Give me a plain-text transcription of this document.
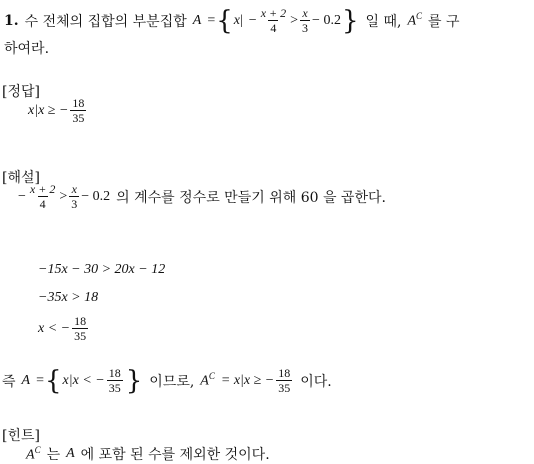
1. 수 전체의 집합의 부분집합 A = { x | − $\frac{x + 2}{4} > \frac{x}{3} - 0.2$ } 일 때, $A^C$ 를 구
하여라.
[정답]
x|x ≥ − $\frac{18}{35}$
[해설]
− $\frac{x + 2}{4} > \frac{x}{3} - 0.2$ 의 계수를 정수로 만들기 위해 60 을 곱한다.
−15x − 30 > 20x − 12
−35x > 18
x < − $\frac{18}{35}$
즉 A = { x|x < − $\frac{18}{35}$ } 이므로, $A^C = x|x$ ≥ − $\frac{18}{35}$ 이다.
[힌트]
$A^C$ 는 A 에 포함 된 수를 제외한 것이다.
